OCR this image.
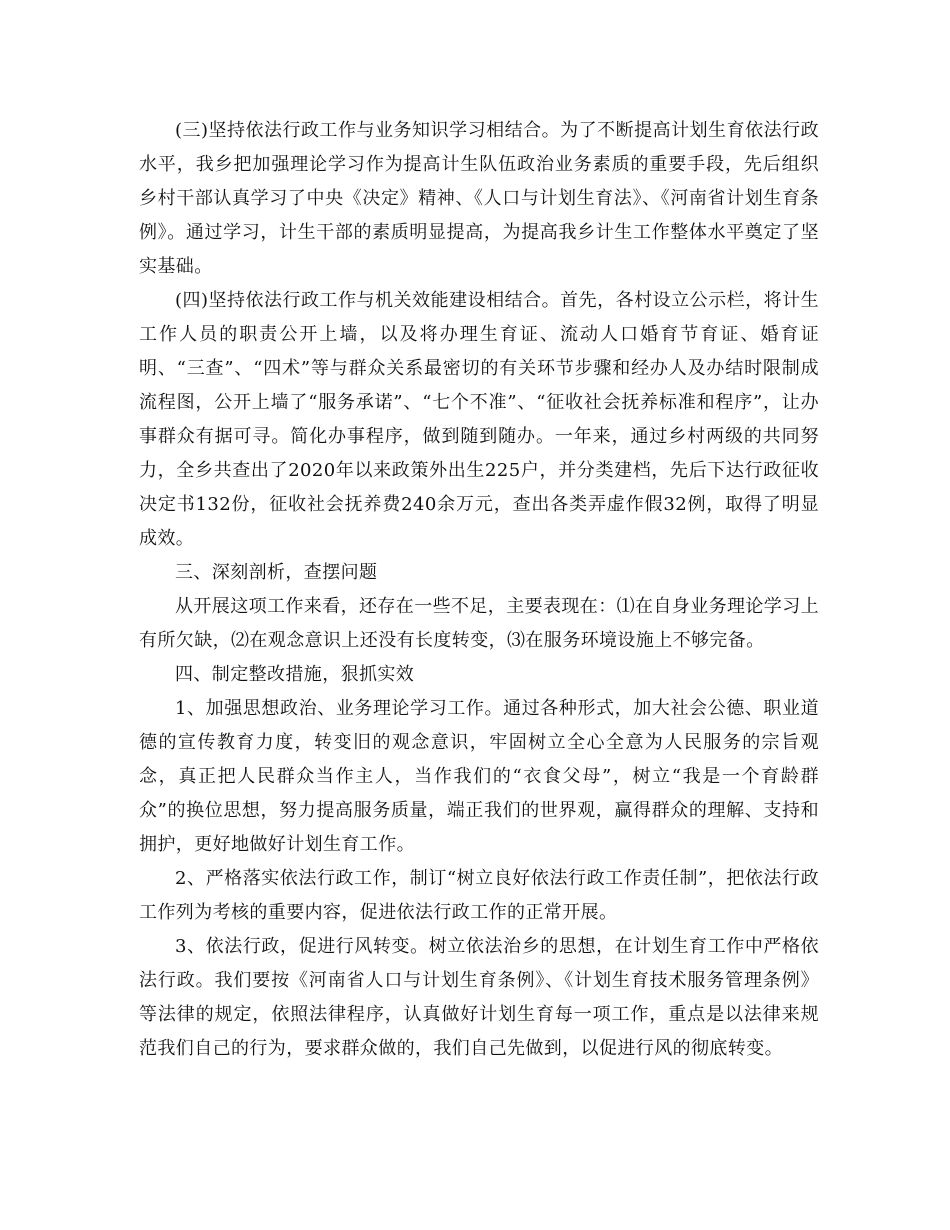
(三)坚持依法行政工作与业务知识学习相结合。为了不断提高计划生育依法行政水平，我乡把加强理论学习作为提高计生队伍政治业务素质的重要手段，先后组织乡村干部认真学习了中央《决定》精神、《人口与计划生育法》、《河南省计划生育条例》。通过学习，计生干部的素质明显提高，为提高我乡计生工作整体水平奠定了坚实基础。

(四)坚持依法行政工作与机关效能建设相结合。首先，各村设立公示栏，将计生工作人员的职责公开上墙，以及将办理生育证、流动人口婚育节育证、婚育证明、“三查”、“四术”等与群众关系最密切的有关环节步骤和经办人及办结时限制成流程图，公开上墙了“服务承诺”、“七个不准”、“征收社会抚养标准和程序”，让办事群众有据可寻。简化办事程序，做到随到随办。一年来，通过乡村两级的共同努力，全乡共查出了2020年以来政策外出生225户，并分类建档，先后下达行政征收决定书132份，征收社会抚养费240余万元，查出各类弄虚作假32例，取得了明显成效。

三、深刻剖析，查摆问题

从开展这项工作来看，还存在一些不足，主要表现在：⑴在自身业务理论学习上有所欠缺，⑵在观念意识上还没有长度转变，⑶在服务环境设施上不够完备。

四、制定整改措施，狠抓实效

1、加强思想政治、业务理论学习工作。通过各种形式，加大社会公德、职业道德的宣传教育力度，转变旧的观念意识，牢固树立全心全意为人民服务的宗旨观念，真正把人民群众当作主人，当作我们的“衣食父母”，树立“我是一个育龄群众”的换位思想，努力提高服务质量，端正我们的世界观，赢得群众的理解、支持和拥护，更好地做好计划生育工作。

2、严格落实依法行政工作，制订“树立良好依法行政工作责任制”，把依法行政工作列为考核的重要内容，促进依法行政工作的正常开展。

3、依法行政，促进行风转变。树立依法治乡的思想，在计划生育工作中严格依法行政。我们要按《河南省人口与计划生育条例》、《计划生育技术服务管理条例》等法律的规定，依照法律程序，认真做好计划生育每一项工作，重点是以法律来规范我们自己的行为，要求群众做的，我们自己先做到，以促进行风的彻底转变。
